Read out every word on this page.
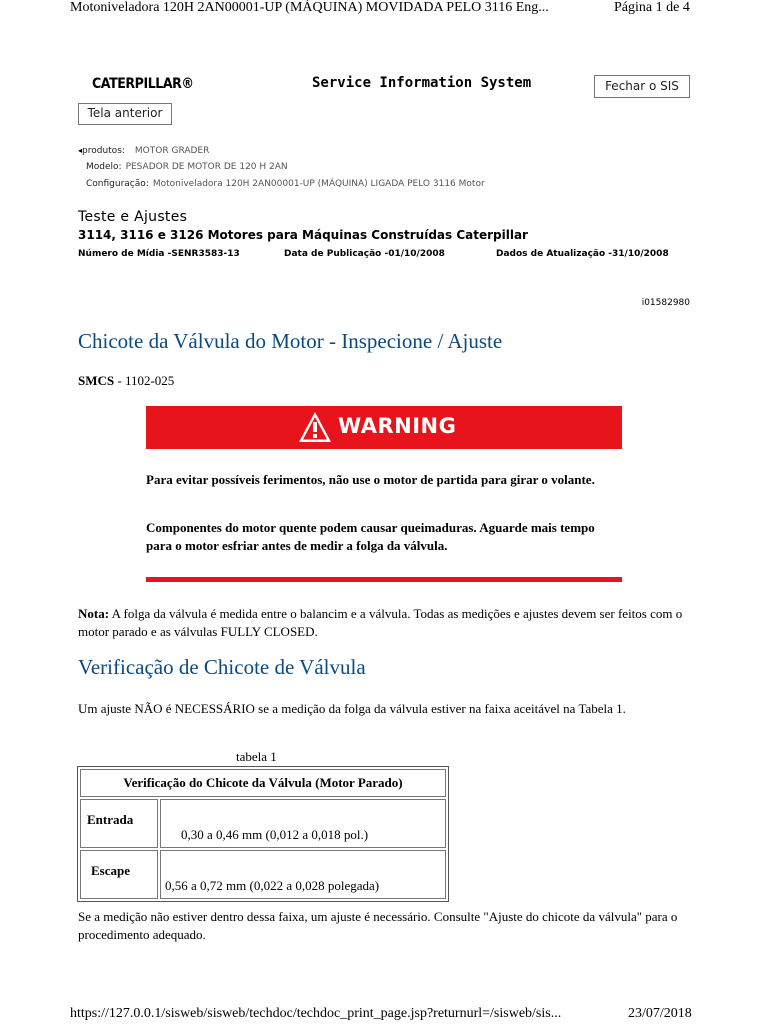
Motoniveladora 120H 2AN00001-UP (MÁQUINA) MOVIDADA PELO 3116 Eng...	Página 1 de 4
CATERPILLAR®	Service Information System	Fechar o SIS
Tela anterior
◂produtos: MOTOR GRADER
Modelo: PESADOR DE MOTOR DE 120 H 2AN
Configuração: Motoniveladora 120H 2AN00001-UP (MÁQUINA) LIGADA PELO 3116 Motor
Teste e Ajustes
3114, 3116 e 3126 Motores para Máquinas Construídas Caterpillar
Número de Mídia -SENR3583-13	Data de Publicação -01/10/2008	Dados de Atualização -31/10/2008
i01582980
Chicote da Válvula do Motor - Inspecione / Ajuste
SMCS - 1102-025
WARNING

Para evitar possíveis ferimentos, não use o motor de partida para girar o volante.

Componentes do motor quente podem causar queimaduras. Aguarde mais tempo para o motor esfriar antes de medir a folga da válvula.

Nota: A folga da válvula é medida entre o balancim e a válvula. Todas as medições e ajustes devem ser feitos com o motor parado e as válvulas FULLY CLOSED.

Verificação de Chicote de Válvula

Um ajuste NÃO é NECESSÁRIO se a medição da folga da válvula estiver na faixa aceitável na Tabela 1.

tabela 1
Verificação do Chicote da Válvula (Motor Parado)	
Entrada	0,30 a 0,46 mm (0,012 a 0,018 pol.)
Escape	0,56 a 0,72 mm (0,022 a 0,028 polegada)

Se a medição não estiver dentro dessa faixa, um ajuste é necessário. Consulte "Ajuste do chicote da válvula" para o procedimento adequado.

https://127.0.0.1/sisweb/sisweb/techdoc/techdoc_print_page.jsp?returnurl=/sisweb/sis...	23/07/2018
